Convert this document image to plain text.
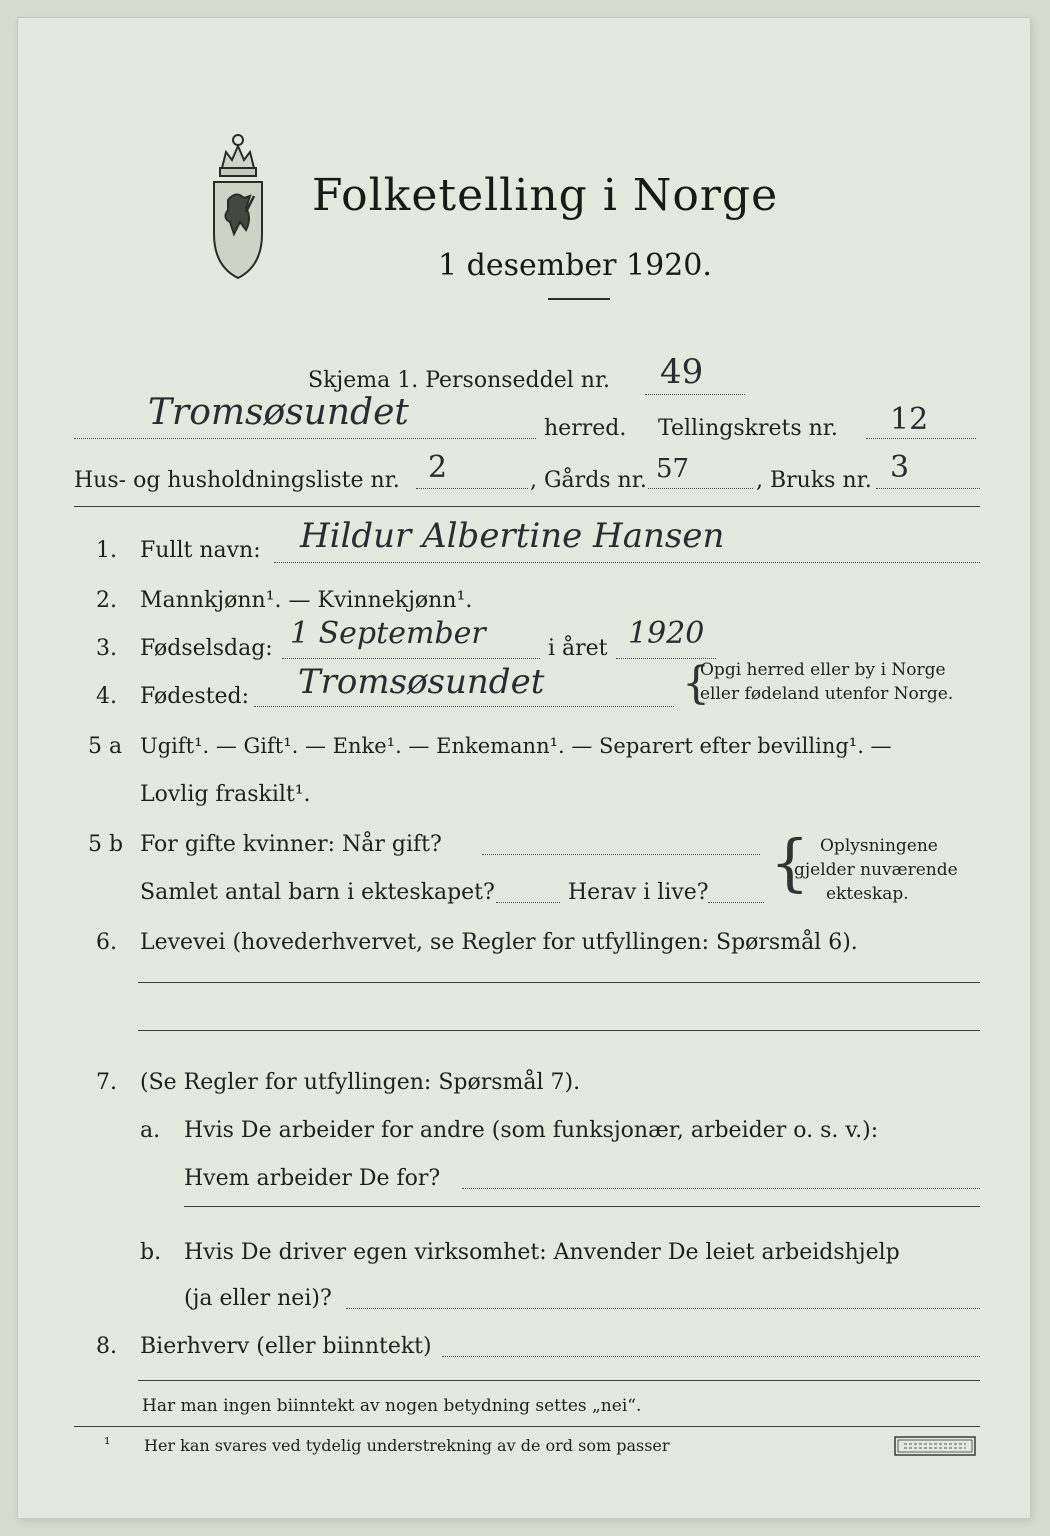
Folketelling i Norge
1 desember 1920.
Skjema 1. Personseddel nr. 49
Tromsøsundet	herred. Tellingskrets nr. 12
Hus- og husholdningsliste nr. 2	, Gårds nr. 57	, Bruks nr. 3
1. Fullt navn: Hildur Albertine Hansen
2. Mannkjønn¹. — Kvinnekjønn¹.
3. Fødselsdag: 1 September	i året 1920
4. Fødested: Tromsøsundet	{
Opgi herred eller by i Norge
eller fødeland utenfor Norge.
5 a Ugift¹. — Gift¹. — Enke¹. — Enkemann¹. — Separert efter bevilling¹. —
Lovlig fraskilt¹.
5 b For gifte kvinner: Når gift?
Samlet antal barn i ekteskapet?	Herav i live? { Oplysningene
gjelder nuværende
ekteskap.
6. Levevei (hovederhvervet, se Regler for utfyllingen: Spørsmål 6).
7. (Se Regler for utfyllingen: Spørsmål 7).
a. Hvis De arbeider for andre (som funksjonær, arbeider o. s. v.):
Hvem arbeider De for?
b. Hvis De driver egen virksomhet: Anvender De leiet arbeidshjelp
(ja eller nei)?
8. Bierhverv (eller biinntekt)
Har man ingen biinntekt av nogen betydning settes „nei“.
¹ Her kan svares ved tydelig understrekning av de ord som passer
